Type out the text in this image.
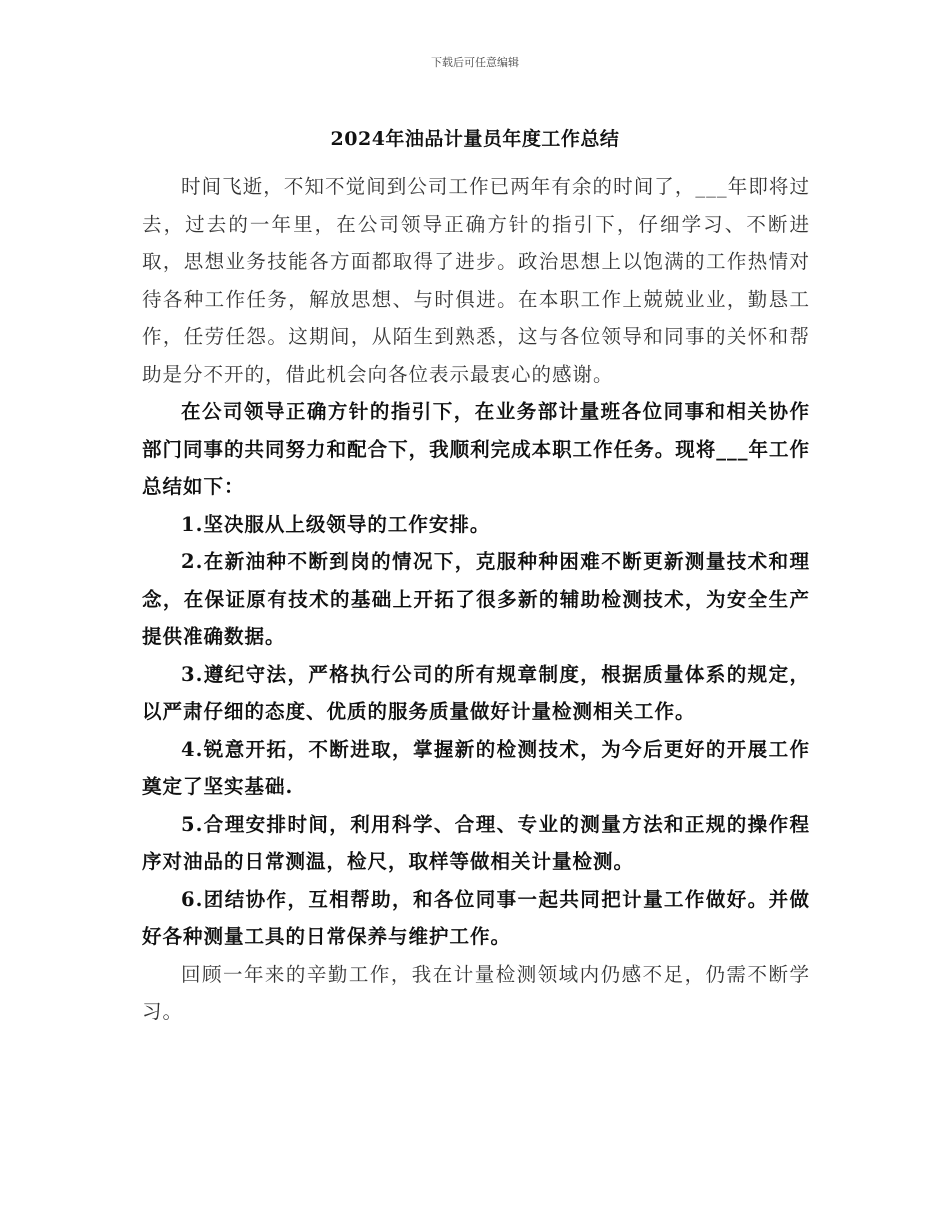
下载后可任意编辑
2024年油品计量员年度工作总结

时间飞逝，不知不觉间到公司工作已两年有余的时间了，___年即将过去，过去的一年里，在公司领导正确方针的指引下，仔细学习、不断进取，思想业务技能各方面都取得了进步。政治思想上以饱满的工作热情对待各种工作任务，解放思想、与时俱进。在本职工作上兢兢业业，勤恳工作，任劳任怨。这期间，从陌生到熟悉，这与各位领导和同事的关怀和帮助是分不开的，借此机会向各位表示最衷心的感谢。

在公司领导正确方针的指引下，在业务部计量班各位同事和相关协作部门同事的共同努力和配合下，我顺利完成本职工作任务。现将___年工作总结如下：

1.坚决服从上级领导的工作安排。

2.在新油种不断到岗的情况下，克服种种困难不断更新测量技术和理念，在保证原有技术的基础上开拓了很多新的辅助检测技术，为安全生产提供准确数据。

3.遵纪守法，严格执行公司的所有规章制度，根据质量体系的规定，以严肃仔细的态度、优质的服务质量做好计量检测相关工作。

4.锐意开拓，不断进取，掌握新的检测技术，为今后更好的开展工作奠定了坚实基础.

5.合理安排时间，利用科学、合理、专业的测量方法和正规的操作程序对油品的日常测温，检尺，取样等做相关计量检测。

6.团结协作，互相帮助，和各位同事一起共同把计量工作做好。并做好各种测量工具的日常保养与维护工作。

回顾一年来的辛勤工作，我在计量检测领域内仍感不足，仍需不断学习。
